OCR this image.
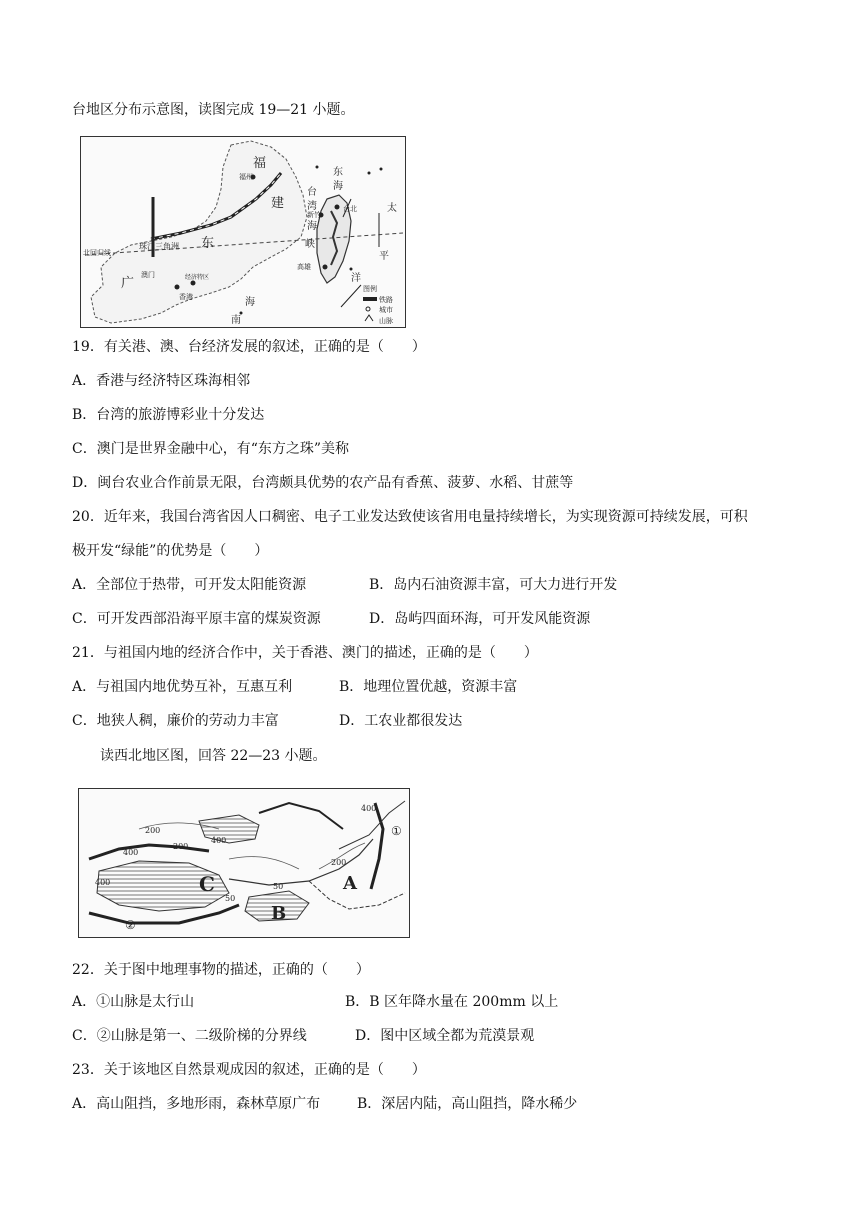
台地区分布示意图，读图完成 19—21 小题。
福
建
广
东
台
湾
海
峡
东
海
太
平
洋
南
海
福州
新竹
台北
高雄
珠江三角洲
澳门
香港
北回归线
经济特区
图例
铁路
城市
山脉
19．有关港、澳、台经济发展的叙述，正确的是（　　）
A．香港与经济特区珠海相邻
B．台湾的旅游博彩业十分发达
C．澳门是世界金融中心，有“东方之珠”美称
D．闽台农业合作前景无限，台湾颇具优势的农产品有香蕉、菠萝、水稻、甘蔗等
20．近年来，我国台湾省因人口稠密、电子工业发达致使该省用电量持续增长，为实现资源可持续发展，可积
极开发“绿能”的优势是（　　）
A．全部位于热带，可开发太阳能资源	B．岛内石油资源丰富，可大力进行开发
C．可开发西部沿海平原丰富的煤炭资源	D．岛屿四面环海，可开发风能资源
21．与祖国内地的经济合作中，关于香港、澳门的描述，正确的是（　　）
A．与祖国内地优势互补，互惠互利	B．地理位置优越，资源丰富
C．地狭人稠，廉价的劳动力丰富	D．工农业都很发达
读西北地区图，回答 22—23 小题。
200
400
400
200
400
50
50
200
400
C
B
A
①
②
22．关于图中地理事物的描述，正确的（　　）
A．①山脉是太行山	B．B 区年降水量在 200mm 以上
C．②山脉是第一、二级阶梯的分界线	D．图中区域全都为荒漠景观
23．关于该地区自然景观成因的叙述，正确的是（　　）
A．高山阻挡，多地形雨，森林草原广布	B．深居内陆，高山阻挡，降水稀少
